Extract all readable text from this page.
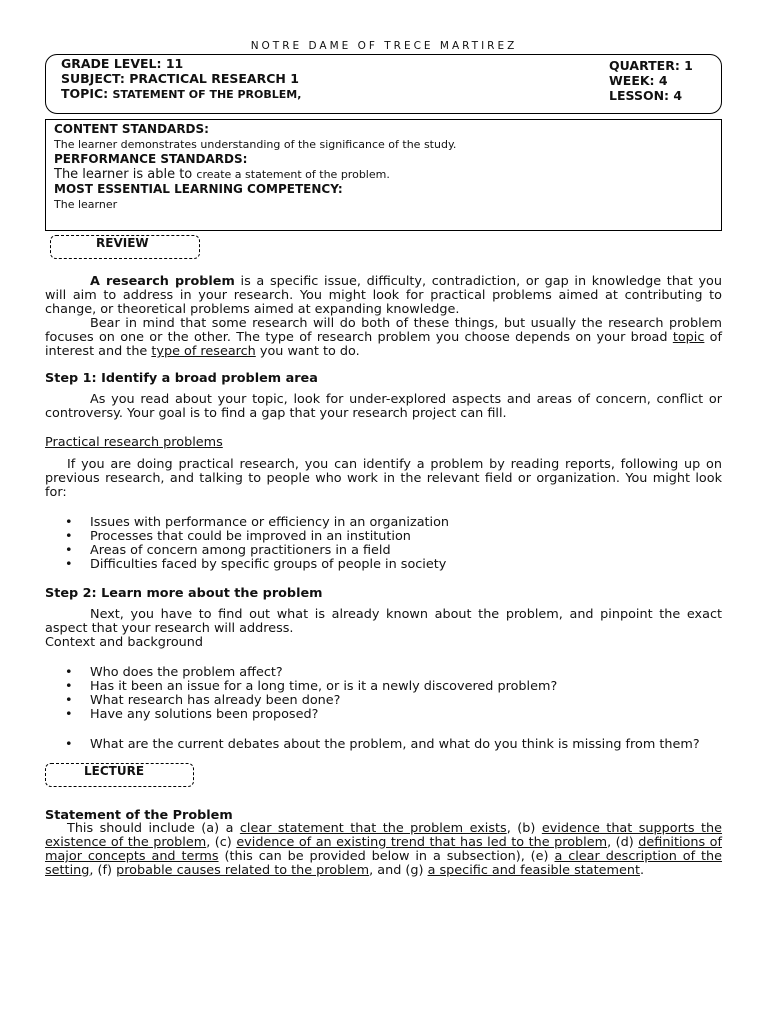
NOTRE DAME OF TRECE MARTIREZ
GRADE LEVEL: 11
SUBJECT: PRACTICAL RESEARCH 1
TOPIC: STATEMENT OF THE PROBLEM,
QUARTER: 1
WEEK: 4
LESSON: 4
CONTENT STANDARDS:
The learner demonstrates understanding of the significance of the study.
PERFORMANCE STANDARDS:
The learner is able to create a statement of the problem.
MOST ESSENTIAL LEARNING COMPETENCY:
The learner
REVIEW

A research problem is a specific issue, difficulty, contradiction, or gap in knowledge that you will aim to address in your research. You might look for practical problems aimed at contributing to change, or theoretical problems aimed at expanding knowledge.

Bear in mind that some research will do both of these things, but usually the research problem focuses on one or the other. The type of research problem you choose depends on your broad topic of interest and the type of research you want to do.

Step 1: Identify a broad problem area

As you read about your topic, look for under-explored aspects and areas of concern, conflict or controversy. Your goal is to find a gap that your research project can fill.

Practical research problems

If you are doing practical research, you can identify a problem by reading reports, following up on previous research, and talking to people who work in the relevant field or organization. You might look for:

• Issues with performance or efficiency in an organization
• Processes that could be improved in an institution
• Areas of concern among practitioners in a field
• Difficulties faced by specific groups of people in society
Step 2: Learn more about the problem

Next, you have to find out what is already known about the problem, and pinpoint the exact aspect that your research will address.

Context and background

• Who does the problem affect?
• Has it been an issue for a long time, or is it a newly discovered problem?
• What research has already been done?
• Have any solutions been proposed?
• What are the current debates about the problem, and what do you think is missing from them?
LECTURE
Statement of the Problem

This should include (a) a clear statement that the problem exists, (b) evidence that supports the existence of the problem, (c) evidence of an existing trend that has led to the problem, (d) definitions of major concepts and terms (this can be provided below in a subsection), (e) a clear description of the setting, (f) probable causes related to the problem, and (g) a specific and feasible statement.
